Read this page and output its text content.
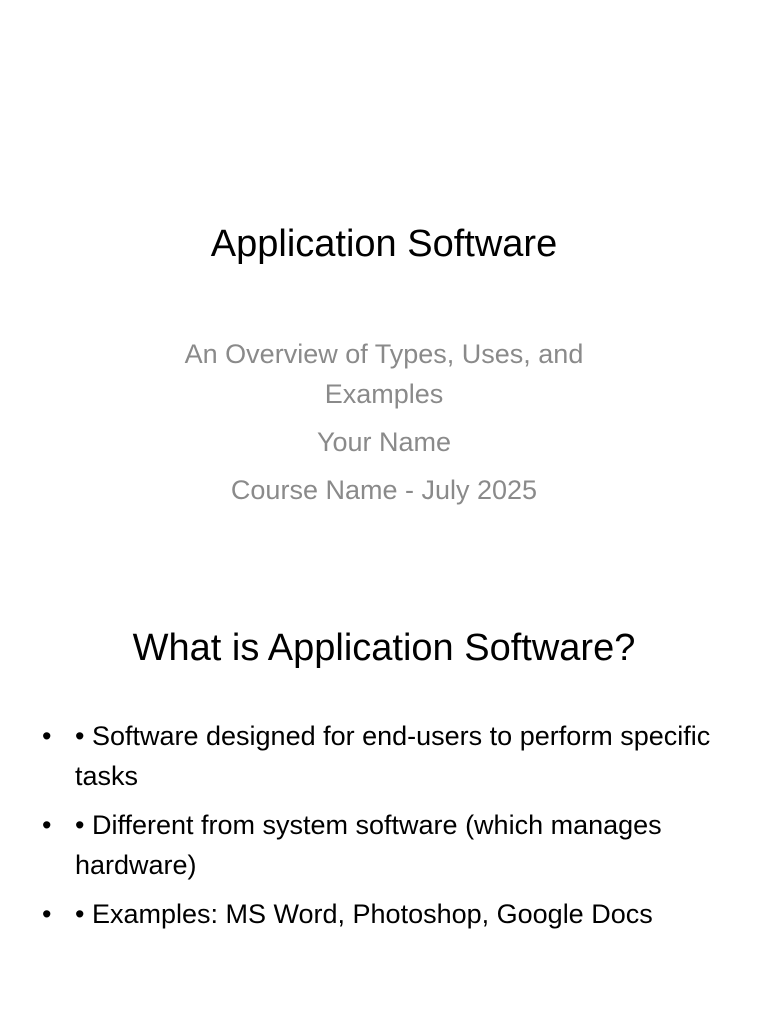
Application Software
An Overview of Types, Uses, and Examples
Your Name
Course Name - July 2025
What is Application Software?
• • Software designed for end-users to perform specific tasks
• • Different from system software (which manages hardware)
• • Examples: MS Word, Photoshop, Google Docs
